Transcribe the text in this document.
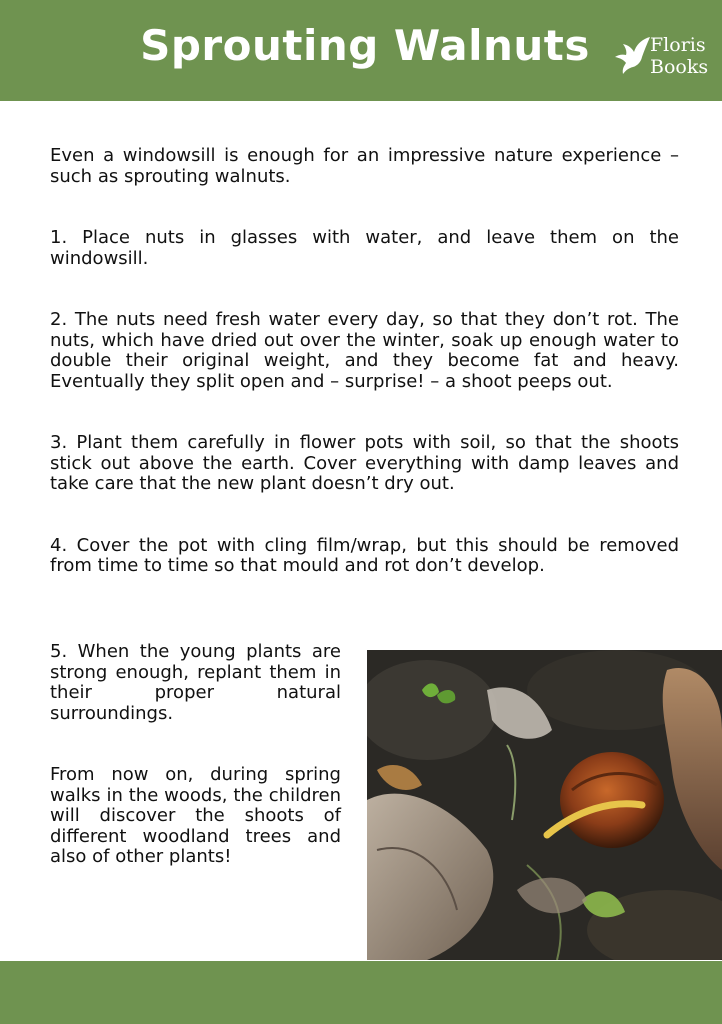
Sprouting Walnuts	Floris
Books

Even a windowsill is enough for an impressive nature experience – such as sprouting walnuts.

1. Place nuts in glasses with water, and leave them on the windowsill.

2. The nuts need fresh water every day, so that they don’t rot. The nuts, which have dried out over the winter, soak up enough water to double their original weight, and they become fat and heavy. Eventually they split open and – surprise! – a shoot peeps out.

3. Plant them carefully in flower pots with soil, so that the shoots stick out above the earth. Cover everything with damp leaves and take care that the new plant doesn’t dry out.

4. Cover the pot with cling film/wrap, but this should be removed from time to time so that mould and rot don’t develop.

5. When the young plants are strong enough, replant them in their proper natural surroundings.

From now on, during spring walks in the woods, the children will discover the shoots of different woodland trees and also of other plants!
